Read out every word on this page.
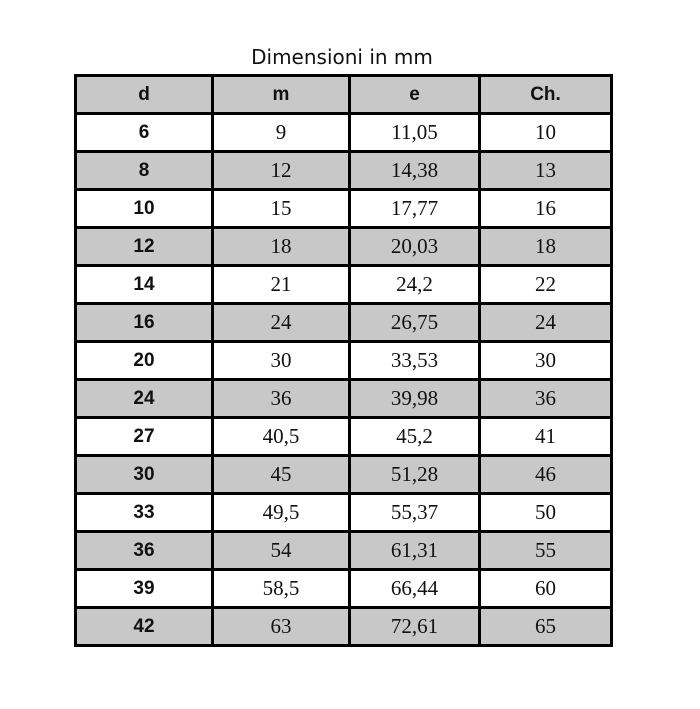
Dimensioni in mm
d	m	e	Ch.
6	9	11,05	10
8	12	14,38	13
10	15	17,77	16
12	18	20,03	18
14	21	24,2	22
16	24	26,75	24
20	30	33,53	30
24	36	39,98	36
27	40,5	45,2	41
30	45	51,28	46
33	49,5	55,37	50
36	54	61,31	55
39	58,5	66,44	60
42	63	72,61	65
